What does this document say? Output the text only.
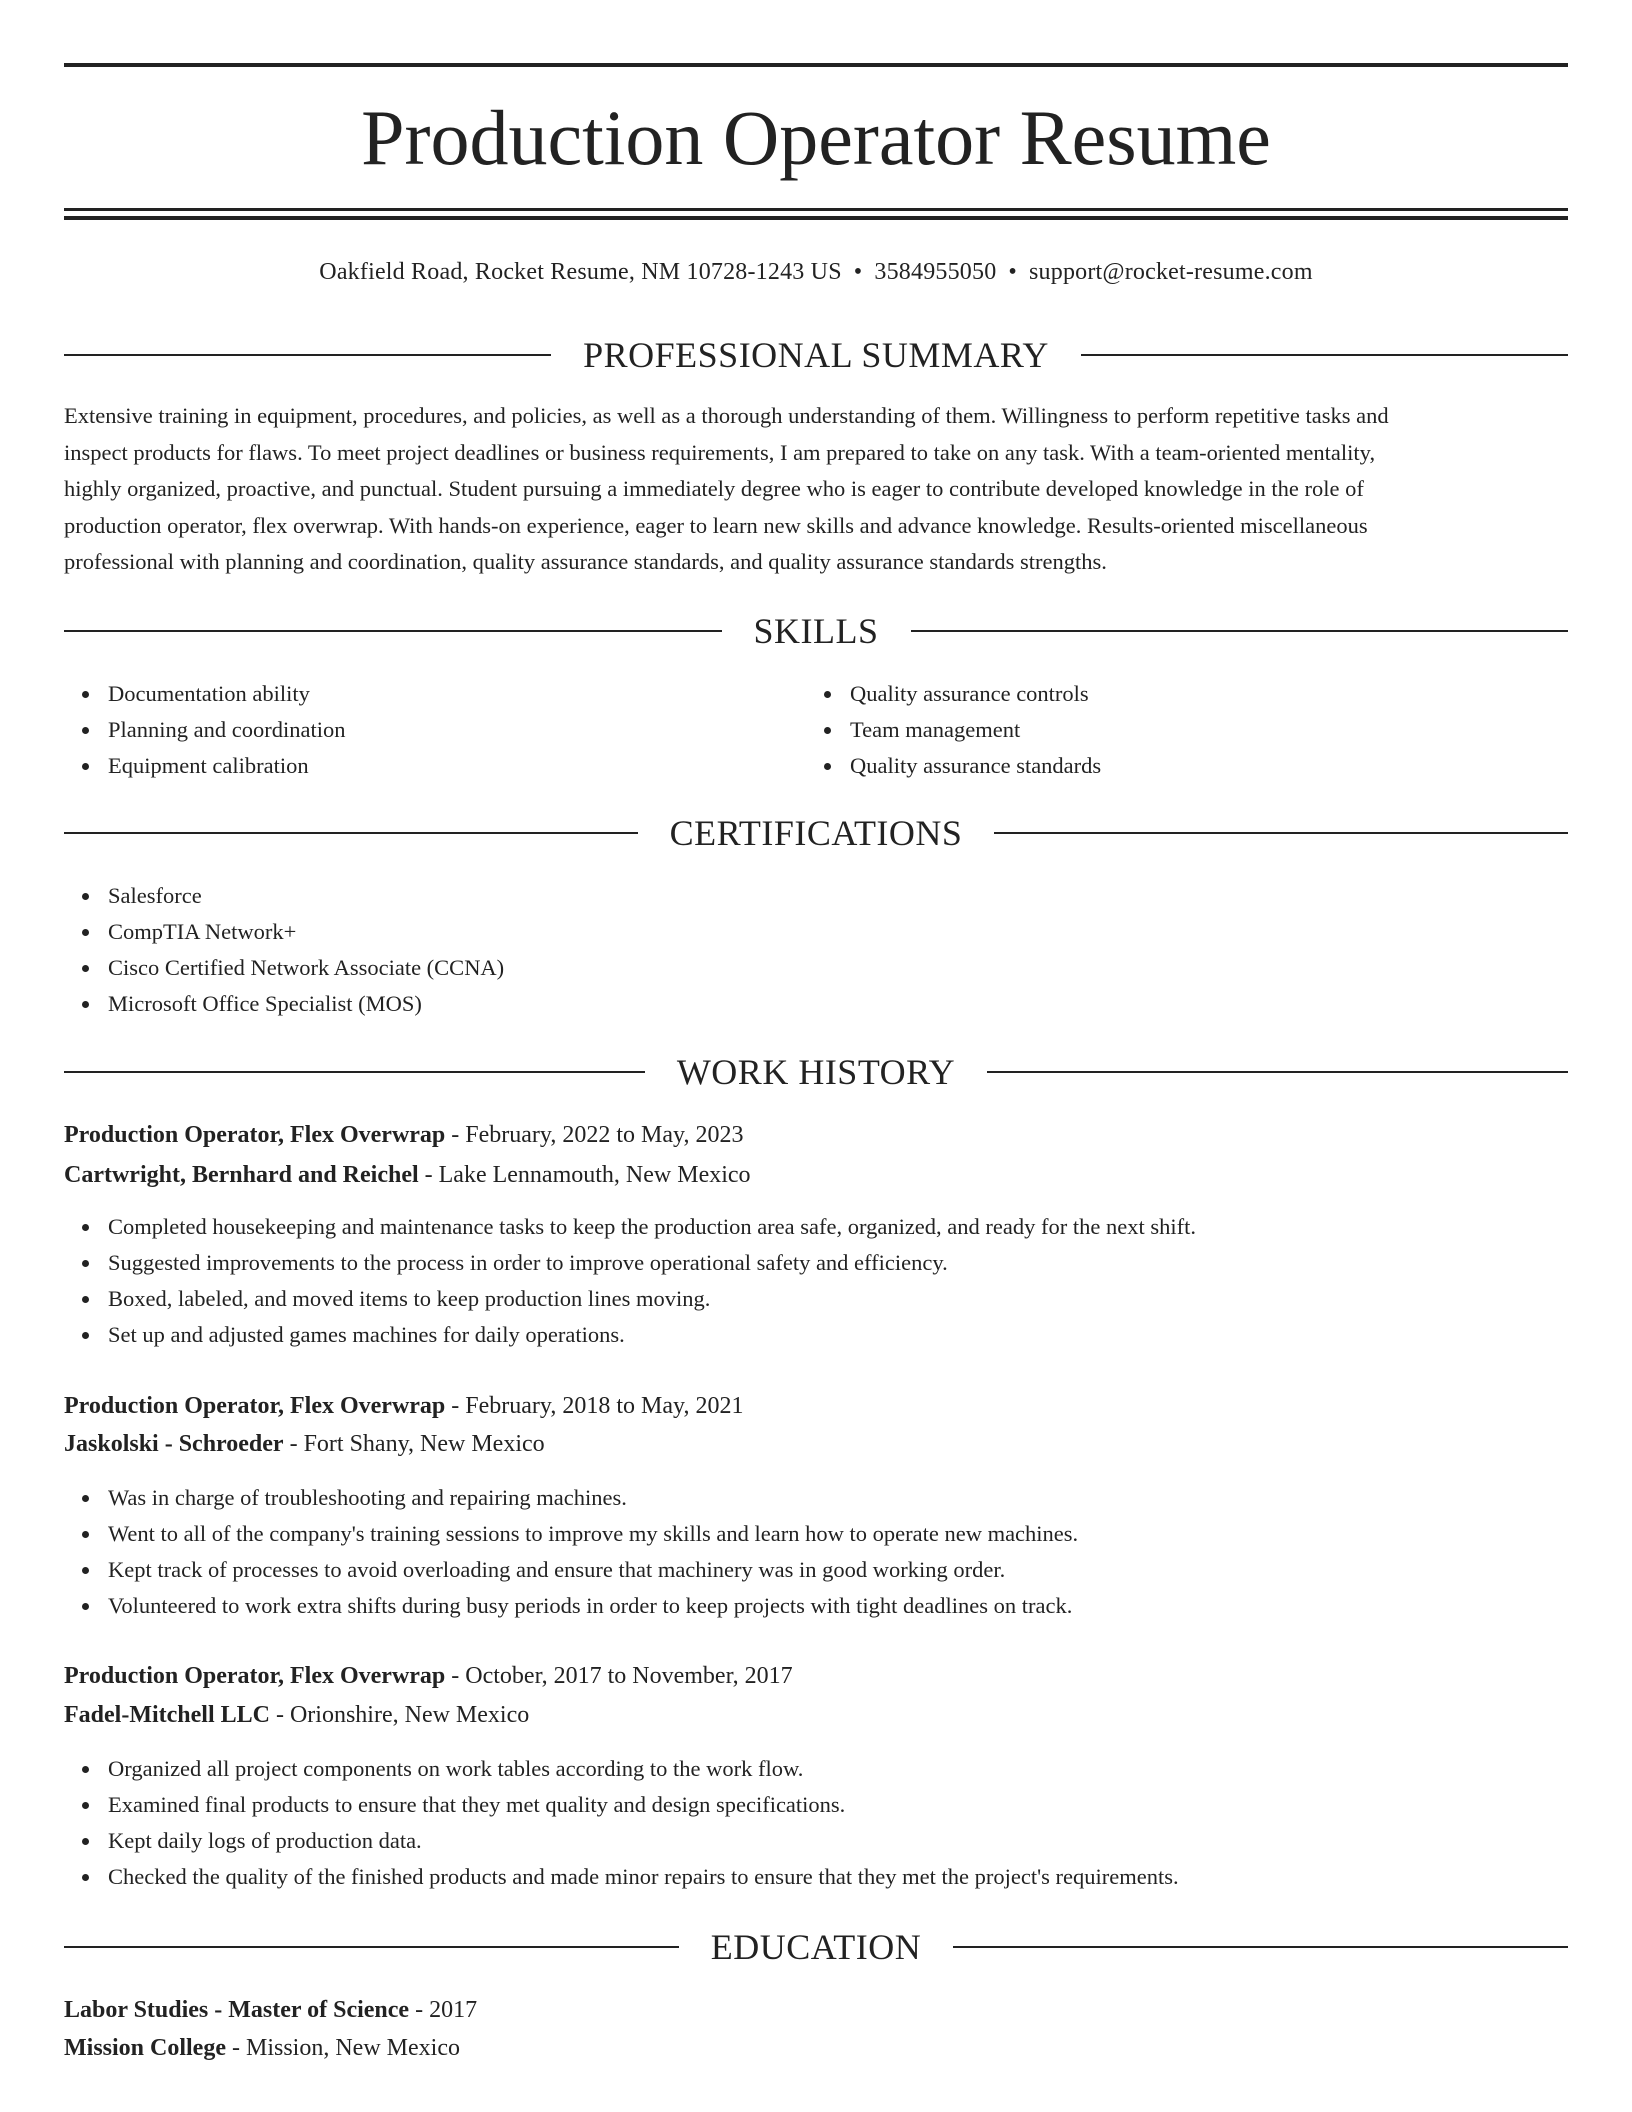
Production Operator Resume
Oakfield Road, Rocket Resume, NM 10728-1243 US • 3584955050 • support@rocket-resume.com
PROFESSIONAL SUMMARY
Extensive training in equipment, procedures, and policies, as well as a thorough understanding of them. Willingness to perform repetitive tasks and
inspect products for flaws. To meet project deadlines or business requirements, I am prepared to take on any task. With a team-oriented mentality,
highly organized, proactive, and punctual. Student pursuing a immediately degree who is eager to contribute developed knowledge in the role of
production operator, flex overwrap. With hands-on experience, eager to learn new skills and advance knowledge. Results-oriented miscellaneous
professional with planning and coordination, quality assurance standards, and quality assurance standards strengths.
SKILLS
Documentation ability
Planning and coordination
Equipment calibration
Quality assurance controls
Team management
Quality assurance standards
CERTIFICATIONS
Salesforce
CompTIA Network+
Cisco Certified Network Associate (CCNA)
Microsoft Office Specialist (MOS)
WORK HISTORY
Production Operator, Flex Overwrap - February, 2022 to May, 2023
Cartwright, Bernhard and Reichel - Lake Lennamouth, New Mexico
Completed housekeeping and maintenance tasks to keep the production area safe, organized, and ready for the next shift.
Suggested improvements to the process in order to improve operational safety and efficiency.
Boxed, labeled, and moved items to keep production lines moving.
Set up and adjusted games machines for daily operations.
Production Operator, Flex Overwrap - February, 2018 to May, 2021
Jaskolski - Schroeder - Fort Shany, New Mexico
Was in charge of troubleshooting and repairing machines.
Went to all of the company's training sessions to improve my skills and learn how to operate new machines.
Kept track of processes to avoid overloading and ensure that machinery was in good working order.
Volunteered to work extra shifts during busy periods in order to keep projects with tight deadlines on track.
Production Operator, Flex Overwrap - October, 2017 to November, 2017
Fadel-Mitchell LLC - Orionshire, New Mexico
Organized all project components on work tables according to the work flow.
Examined final products to ensure that they met quality and design specifications.
Kept daily logs of production data.
Checked the quality of the finished products and made minor repairs to ensure that they met the project's requirements.
EDUCATION
Labor Studies - Master of Science - 2017
Mission College - Mission, New Mexico
